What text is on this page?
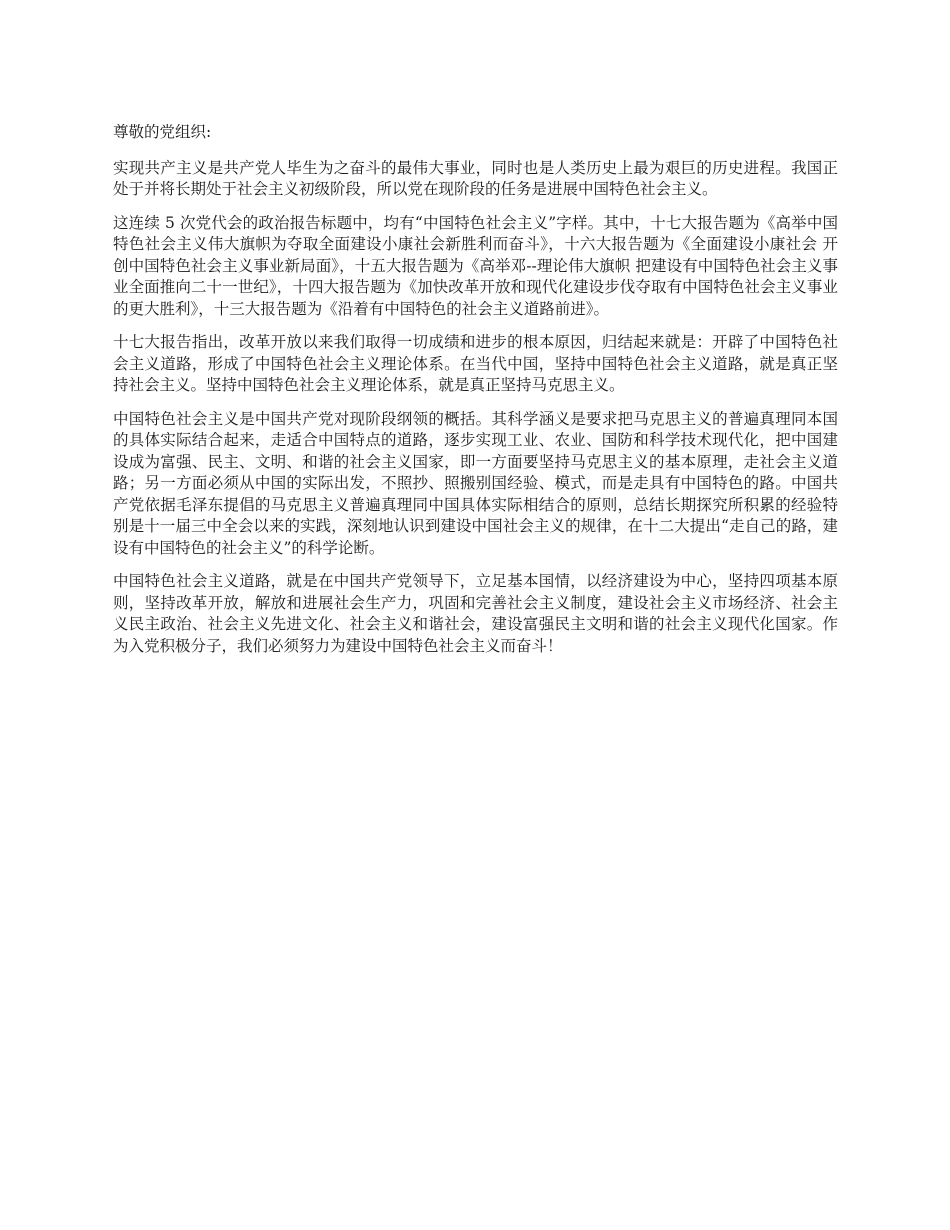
尊敬的党组织:

实现共产主义是共产党人毕生为之奋斗的最伟大事业，同时也是人类历史上最为艰巨的历史进程。我国正处于并将长期处于社会主义初级阶段，所以党在现阶段的任务是进展中国特色社会主义。

这连续 5 次党代会的政治报告标题中，均有“中国特色社会主义”字样。其中，十七大报告题为《高举中国特色社会主义伟大旗帜为夺取全面建设小康社会新胜利而奋斗》，十六大报告题为《全面建设小康社会 开创中国特色社会主义事业新局面》，十五大报告题为《高举邓--理论伟大旗帜 把建设有中国特色社会主义事业全面推向二十一世纪》，十四大报告题为《加快改革开放和现代化建设步伐夺取有中国特色社会主义事业的更大胜利》，十三大报告题为《沿着有中国特色的社会主义道路前进》。

十七大报告指出，改革开放以来我们取得一切成绩和进步的根本原因，归结起来就是：开辟了中国特色社会主义道路，形成了中国特色社会主义理论体系。在当代中国，坚持中国特色社会主义道路，就是真正坚持社会主义。坚持中国特色社会主义理论体系，就是真正坚持马克思主义。

中国特色社会主义是中国共产党对现阶段纲领的概括。其科学涵义是要求把马克思主义的普遍真理同本国的具体实际结合起来，走适合中国特点的道路，逐步实现工业、农业、国防和科学技术现代化，把中国建设成为富强、民主、文明、和谐的社会主义国家，即一方面要坚持马克思主义的基本原理，走社会主义道路；另一方面必须从中国的实际出发，不照抄、照搬别国经验、模式，而是走具有中国特色的路。中国共产党依据毛泽东提倡的马克思主义普遍真理同中国具体实际相结合的原则，总结长期探究所积累的经验特别是十一届三中全会以来的实践，深刻地认识到建设中国社会主义的规律，在十二大提出“走自己的路，建设有中国特色的社会主义”的科学论断。

中国特色社会主义道路，就是在中国共产党领导下，立足基本国情，以经济建设为中心，坚持四项基本原则，坚持改革开放，解放和进展社会生产力，巩固和完善社会主义制度，建设社会主义市场经济、社会主义民主政治、社会主义先进文化、社会主义和谐社会，建设富强民主文明和谐的社会主义现代化国家。作为入党积极分子，我们必须努力为建设中国特色社会主义而奋斗！
